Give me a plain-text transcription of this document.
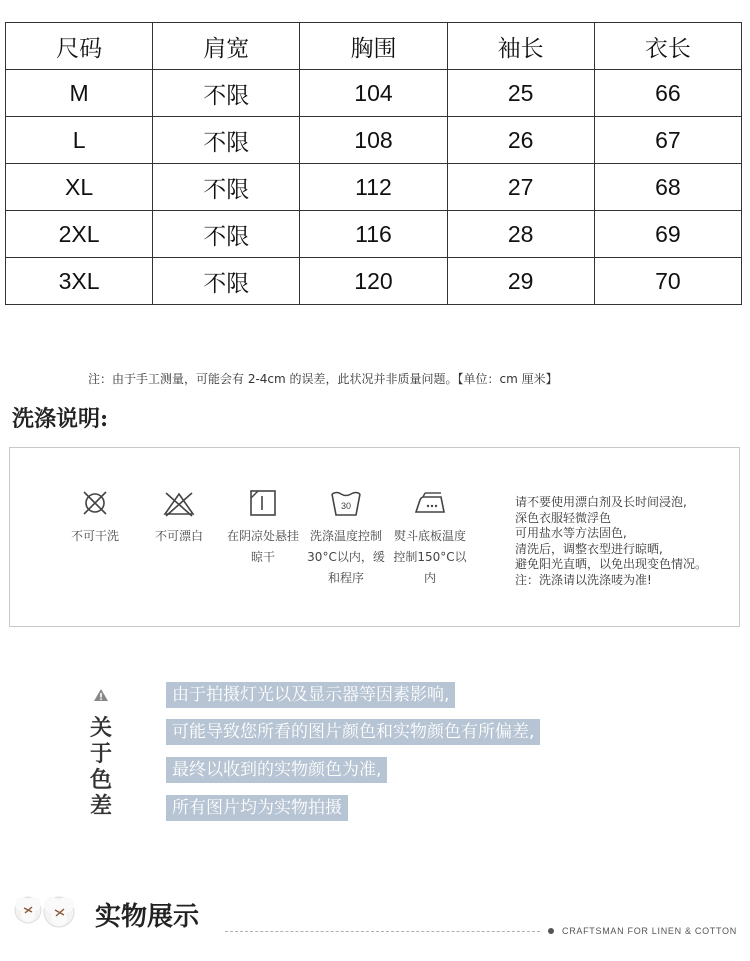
尺码	肩宽	胸围	袖长	衣长
M	不限	104	25	66
L	不限	108	26	67
XL	不限	112	27	68
2XL	不限	116	28	69
3XL	不限	120	29	70
注：由于手工测量，可能会有 2-4cm 的误差，此状况并非质量问题。【单位：cm 厘米】
洗涤说明:
不可干洗	不可漂白	在阴凉处悬挂
晾干
30
洗涤温度控制
30°C以内，缓
和程序
熨斗底板温度
控制150°C以
内
请不要使用漂白剂及长时间浸泡,
深色衣服轻微浮色
可用盐水等方法固色,
清洗后，调整衣型进行晾晒,
避免阳光直晒，以免出现变色情况。
注：洗涤请以洗涤唛为准!
关于色差
由于拍摄灯光以及显示器等因素影响,
可能导致您所看的图片颜色和实物颜色有所偏差,
最终以收到的实物颜色为准,
所有图片均为实物拍摄
实物展示	CRAFTSMAN FOR LINEN & COTTON
